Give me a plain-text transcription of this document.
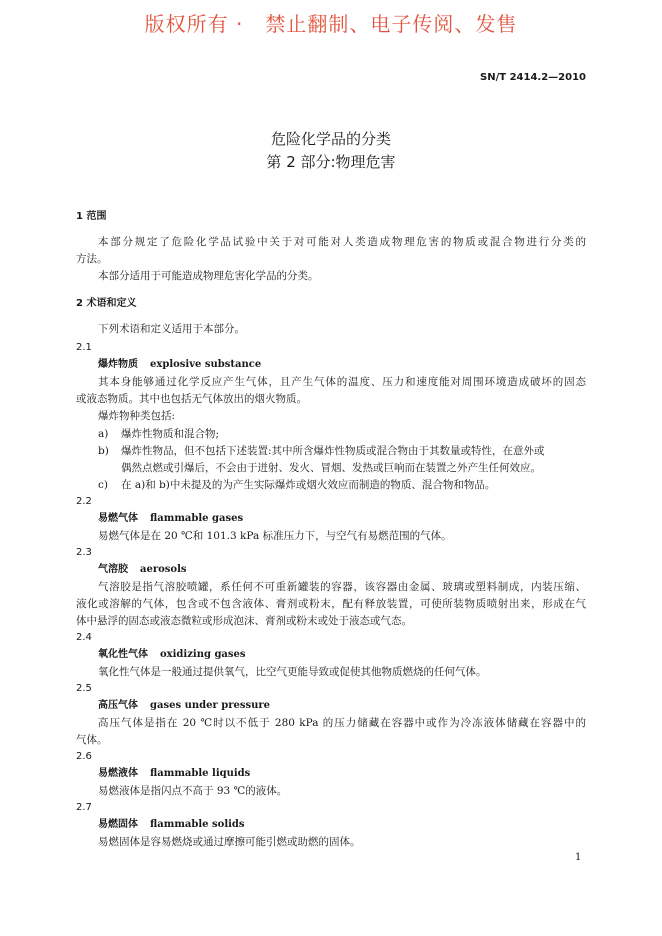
版权所有 ·   禁止翻制、电子传阅、发售
SN/T 2414.2—2010
危险化学品的分类
第 2 部分:物理危害
1 范围
本部分规定了危险化学品试验中关于对可能对人类造成物理危害的物质或混合物进行分类的
方法。
本部分适用于可能造成物理危害化学品的分类。
2 术语和定义
下列术语和定义适用于本部分。
2.1
爆炸物质 explosive substance
其本身能够通过化学反应产生气体，且产生气体的温度、压力和速度能对周围环境造成破坏的固态
或液态物质。其中也包括无气体放出的烟火物质。
爆炸物种类包括:
a) 爆炸性物质和混合物;
b) 爆炸性物品，但不包括下述装置:其中所含爆炸性物质或混合物由于其数量或特性，在意外或
偶然点燃或引爆后，不会由于迸射、发火、冒烟、发热或巨响而在装置之外产生任何效应。
c) 在 a)和 b)中未提及的为产生实际爆炸或烟火效应而制造的物质、混合物和物品。
2.2
易燃气体 flammable gases
易燃气体是在 20 ℃和 101.3 kPa 标准压力下，与空气有易燃范围的气体。
2.3
气溶胶 aerosols
气溶胶是指气溶胶喷罐，系任何不可重新罐装的容器，该容器由金属、玻璃或塑料制成，内装压缩、
液化或溶解的气体，包含或不包含液体、膏剂或粉末，配有释放装置，可使所装物质喷射出来，形成在气
体中悬浮的固态或液态微粒或形成泡沫、膏剂或粉末或处于液态或气态。
2.4
氧化性气体 oxidizing gases
氧化性气体是一般通过提供氧气，比空气更能导致或促使其他物质燃烧的任何气体。
2.5
高压气体 gases under pressure
高压气体是指在 20 ℃时以不低于 280 kPa 的压力储藏在容器中或作为冷冻液体储藏在容器中的
气体。
2.6
易燃液体 flammable liquids
易燃液体是指闪点不高于 93 ℃的液体。
2.7
易燃固体 flammable solids
易燃固体是容易燃烧或通过摩擦可能引燃或助燃的固体。
1
